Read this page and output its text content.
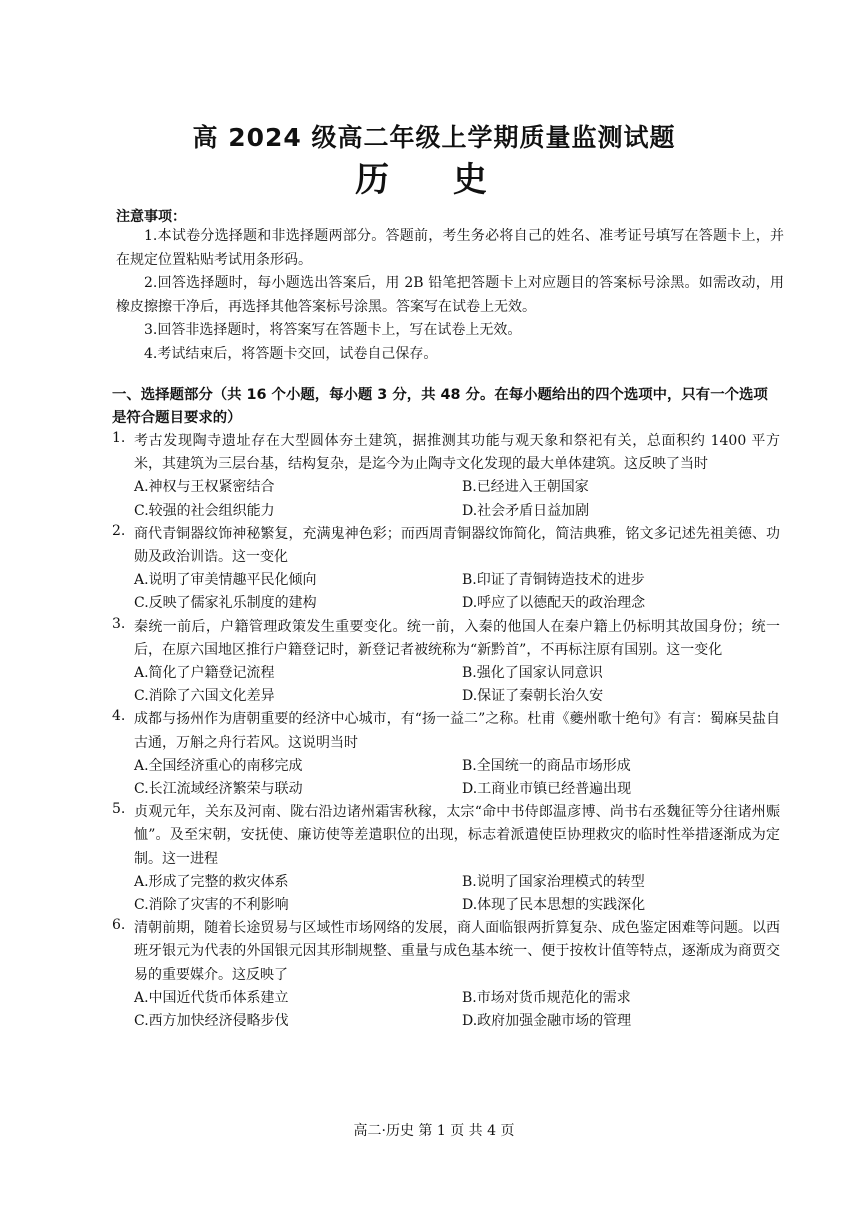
高 2024 级高二年级上学期质量监测试题
历 史
注意事项：

1.本试卷分选择题和非选择题两部分。答题前，考生务必将自己的姓名、准考证号填写在答题卡上，并在规定位置粘贴考试用条形码。

2.回答选择题时，每小题选出答案后，用 2B 铅笔把答题卡上对应题目的答案标号涂黑。如需改动，用橡皮擦擦干净后，再选择其他答案标号涂黑。答案写在试卷上无效。

3.回答非选择题时，将答案写在答题卡上，写在试卷上无效。

4.考试结束后，将答题卡交回，试卷自己保存。

一、选择题部分（共 16 个小题，每小题 3 分，共 48 分。在每小题给出的四个选项中，只有一个选项是符合题目要求的）
1. 考古发现陶寺遗址存在大型圆体夯土建筑，据推测其功能与观天象和祭祀有关，总面积约 1400 平方米，其建筑为三层台基，结构复杂，是迄今为止陶寺文化发现的最大单体建筑。这反映了当时
A.神权与王权紧密结合	B.已经进入王朝国家
C.较强的社会组织能力	D.社会矛盾日益加剧
2. 商代青铜器纹饰神秘繁复，充满鬼神色彩；而西周青铜器纹饰简化，简洁典雅，铭文多记述先祖美德、功勋及政治训诰。这一变化
A.说明了审美情趣平民化倾向	B.印证了青铜铸造技术的进步
C.反映了儒家礼乐制度的建构	D.呼应了以德配天的政治理念
3. 秦统一前后，户籍管理政策发生重要变化。统一前，入秦的他国人在秦户籍上仍标明其故国身份；统一后，在原六国地区推行户籍登记时，新登记者被统称为“新黔首”，不再标注原有国别。这一变化
A.简化了户籍登记流程	B.强化了国家认同意识
C.消除了六国文化差异	D.保证了秦朝长治久安
4. 成都与扬州作为唐朝重要的经济中心城市，有“扬一益二”之称。杜甫《夔州歌十绝句》有言：蜀麻吴盐自古通，万斛之舟行若风。这说明当时
A.全国经济重心的南移完成	B.全国统一的商品市场形成
C.长江流域经济繁荣与联动	D.工商业市镇已经普遍出现
5. 贞观元年，关东及河南、陇右沿边诸州霜害秋稼，太宗“命中书侍郎温彦博、尚书右丞魏征等分往诸州赈恤”。及至宋朝，安抚使、廉访使等差遣职位的出现，标志着派遣使臣协理救灾的临时性举措逐渐成为定制。这一进程
A.形成了完整的救灾体系	B.说明了国家治理模式的转型
C.消除了灾害的不利影响	D.体现了民本思想的实践深化
6. 清朝前期，随着长途贸易与区域性市场网络的发展，商人面临银两折算复杂、成色鉴定困难等问题。以西班牙银元为代表的外国银元因其形制规整、重量与成色基本统一、便于按枚计值等特点，逐渐成为商贾交易的重要媒介。这反映了
A.中国近代货币体系建立	B.市场对货币规范化的需求
C.西方加快经济侵略步伐	D.政府加强金融市场的管理
高二·历史 第 1 页 共 4 页
